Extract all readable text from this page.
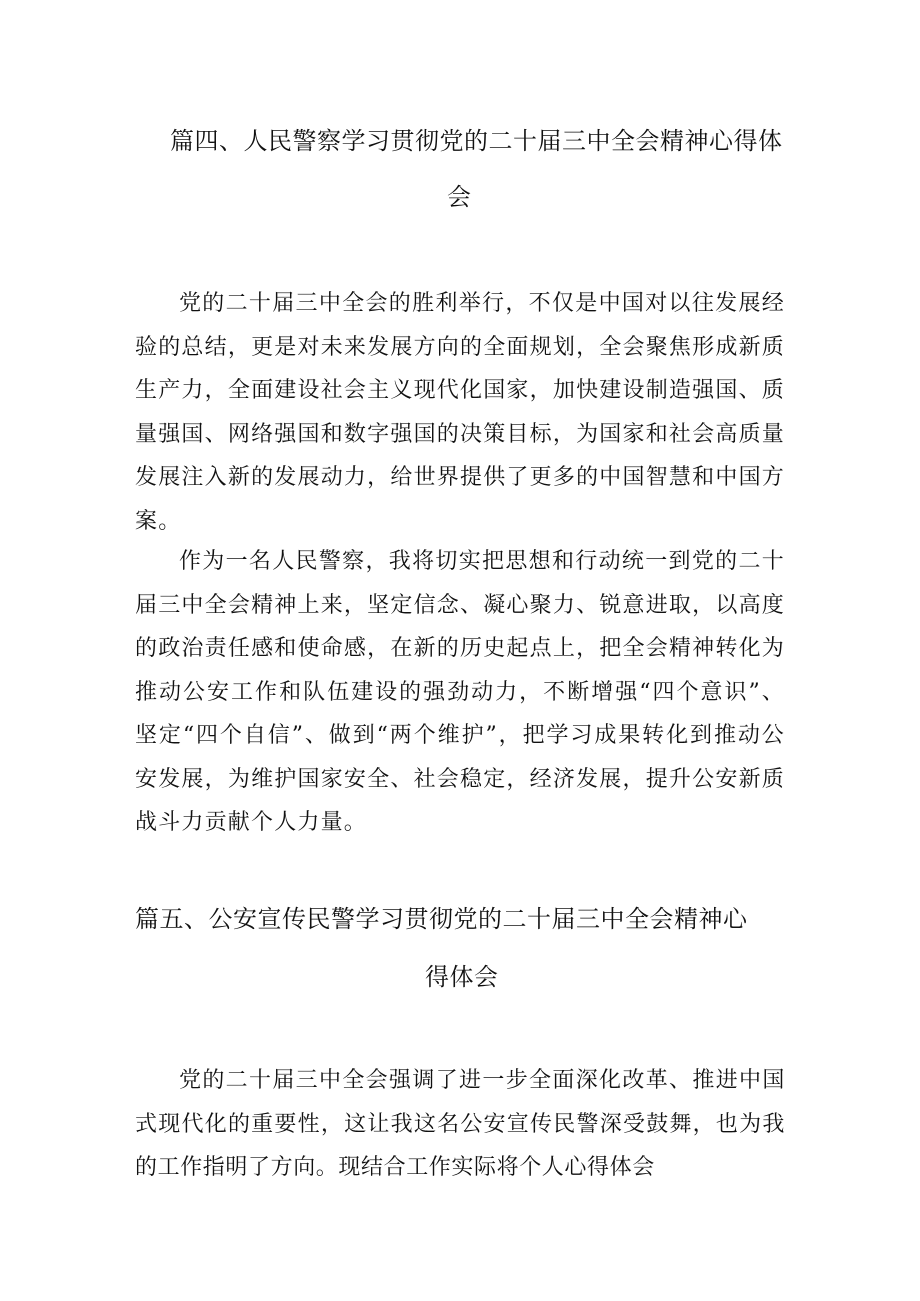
篇四、人民警察学习贯彻党的二十届三中全会精神心得体
会

党的二十届三中全会的胜利举行，不仅是中国对以往发展经验的总结，更是对未来发展方向的全面规划，全会聚焦形成新质生产力，全面建设社会主义现代化国家，加快建设制造强国、质量强国、网络强国和数字强国的决策目标，为国家和社会高质量发展注入新的发展动力，给世界提供了更多的中国智慧和中国方案。

作为一名人民警察，我将切实把思想和行动统一到党的二十届三中全会精神上来，坚定信念、凝心聚力、锐意进取，以高度的政治责任感和使命感，在新的历史起点上，把全会精神转化为推动公安工作和队伍建设的强劲动力，不断增强“四个意识”、坚定“四个自信”、做到“两个维护”，把学习成果转化到推动公安发展，为维护国家安全、社会稳定，经济发展，提升公安新质战斗力贡献个人力量。

篇五、公安宣传民警学习贯彻党的二十届三中全会精神心
得体会

党的二十届三中全会强调了进一步全面深化改革、推进中国式现代化的重要性，这让我这名公安宣传民警深受鼓舞，也为我的工作指明了方向。现结合工作实际将个人心得体会
